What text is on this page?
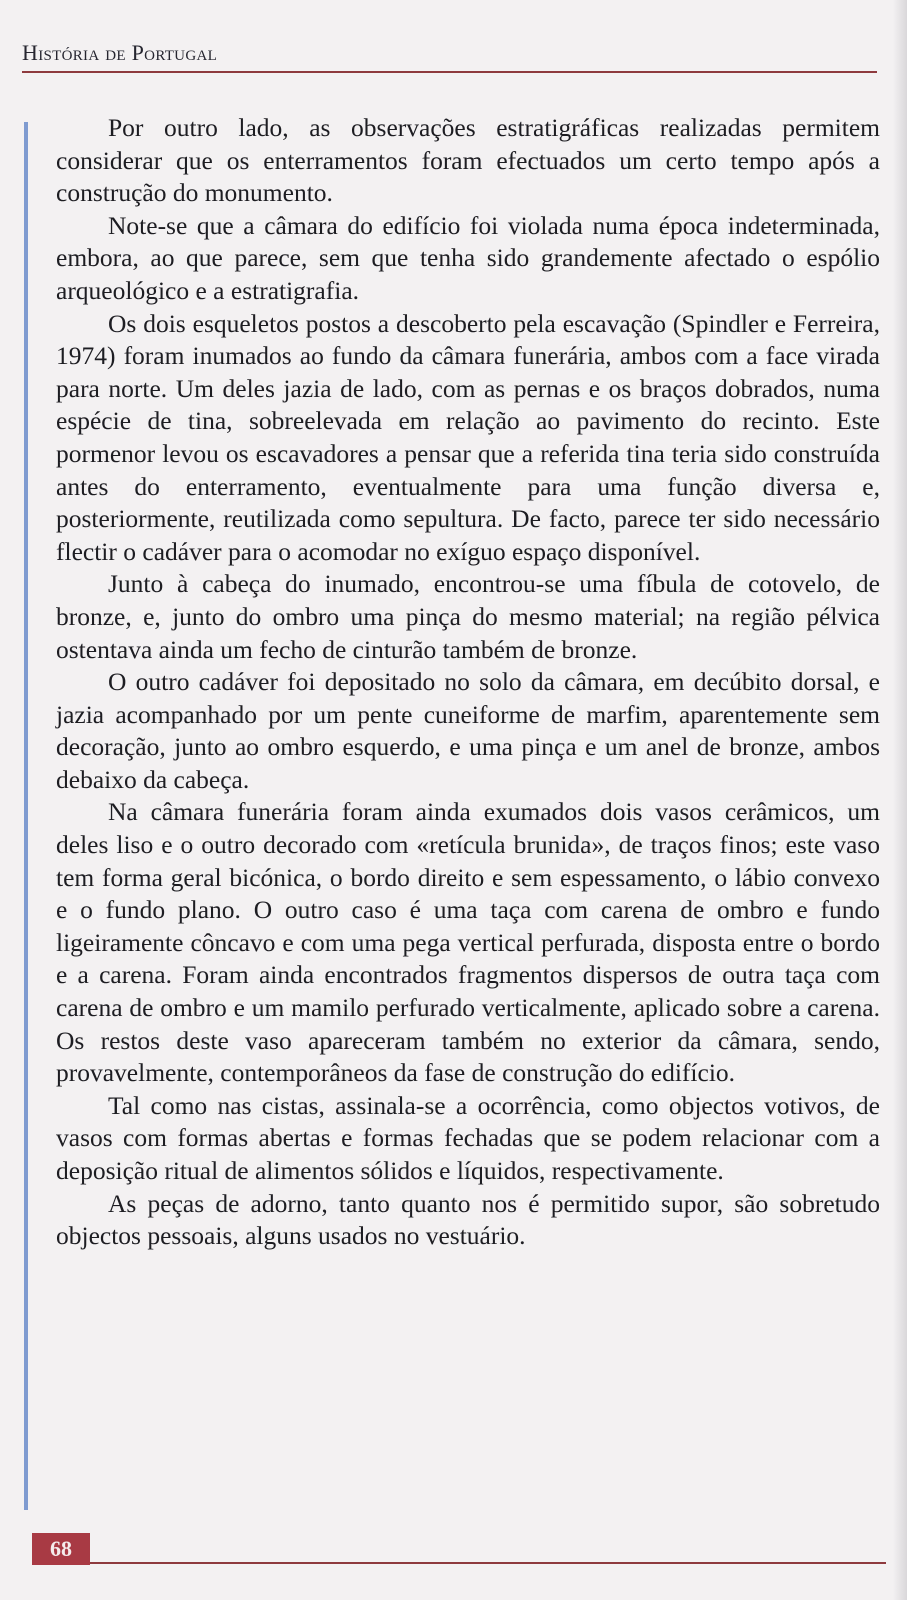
História de Portugal

Por outro lado, as observações estratigráficas realizadas permitem considerar que os enterramentos foram efectuados um certo tempo após a construção do monumento.

Note-se que a câmara do edifício foi violada numa época indeterminada, embora, ao que parece, sem que tenha sido grandemente afectado o espólio arqueológico e a estratigrafia.

Os dois esqueletos postos a descoberto pela escavação (Spindler e Ferreira, 1974) foram inumados ao fundo da câmara funerária, ambos com a face virada para norte. Um deles jazia de lado, com as pernas e os braços dobrados, numa espécie de tina, sobreelevada em relação ao pavimento do recinto. Este pormenor levou os escavadores a pensar que a referida tina teria sido construída antes do enterramento, eventualmente para uma função diversa e, posteriormente, reutilizada como sepultura. De facto, parece ter sido necessário flectir o cadáver para o acomodar no exíguo espaço disponível.

Junto à cabeça do inumado, encontrou-se uma fíbula de cotovelo, de bronze, e, junto do ombro uma pinça do mesmo material; na região pélvica ostentava ainda um fecho de cinturão também de bronze.

O outro cadáver foi depositado no solo da câmara, em decúbito dorsal, e jazia acompanhado por um pente cuneiforme de marfim, aparentemente sem decoração, junto ao ombro esquerdo, e uma pinça e um anel de bronze, ambos debaixo da cabeça.

Na câmara funerária foram ainda exumados dois vasos cerâmicos, um deles liso e o outro decorado com «retícula brunida», de traços finos; este vaso tem forma geral bicónica, o bordo direito e sem espessamento, o lábio convexo e o fundo plano. O outro caso é uma taça com carena de ombro e fundo ligeiramente côncavo e com uma pega vertical perfurada, disposta entre o bordo e a carena. Foram ainda encontrados fragmentos dispersos de outra taça com carena de ombro e um mamilo perfurado verticalmente, aplicado sobre a carena. Os restos deste vaso apareceram também no exterior da câmara, sendo, provavelmente, contemporâneos da fase de construção do edifício.

Tal como nas cistas, assinala-se a ocorrência, como objectos votivos, de vasos com formas abertas e formas fechadas que se podem relacionar com a deposição ritual de alimentos sólidos e líquidos, respectivamente.

As peças de adorno, tanto quanto nos é permitido supor, são sobretudo objectos pessoais, alguns usados no vestuário.

68
